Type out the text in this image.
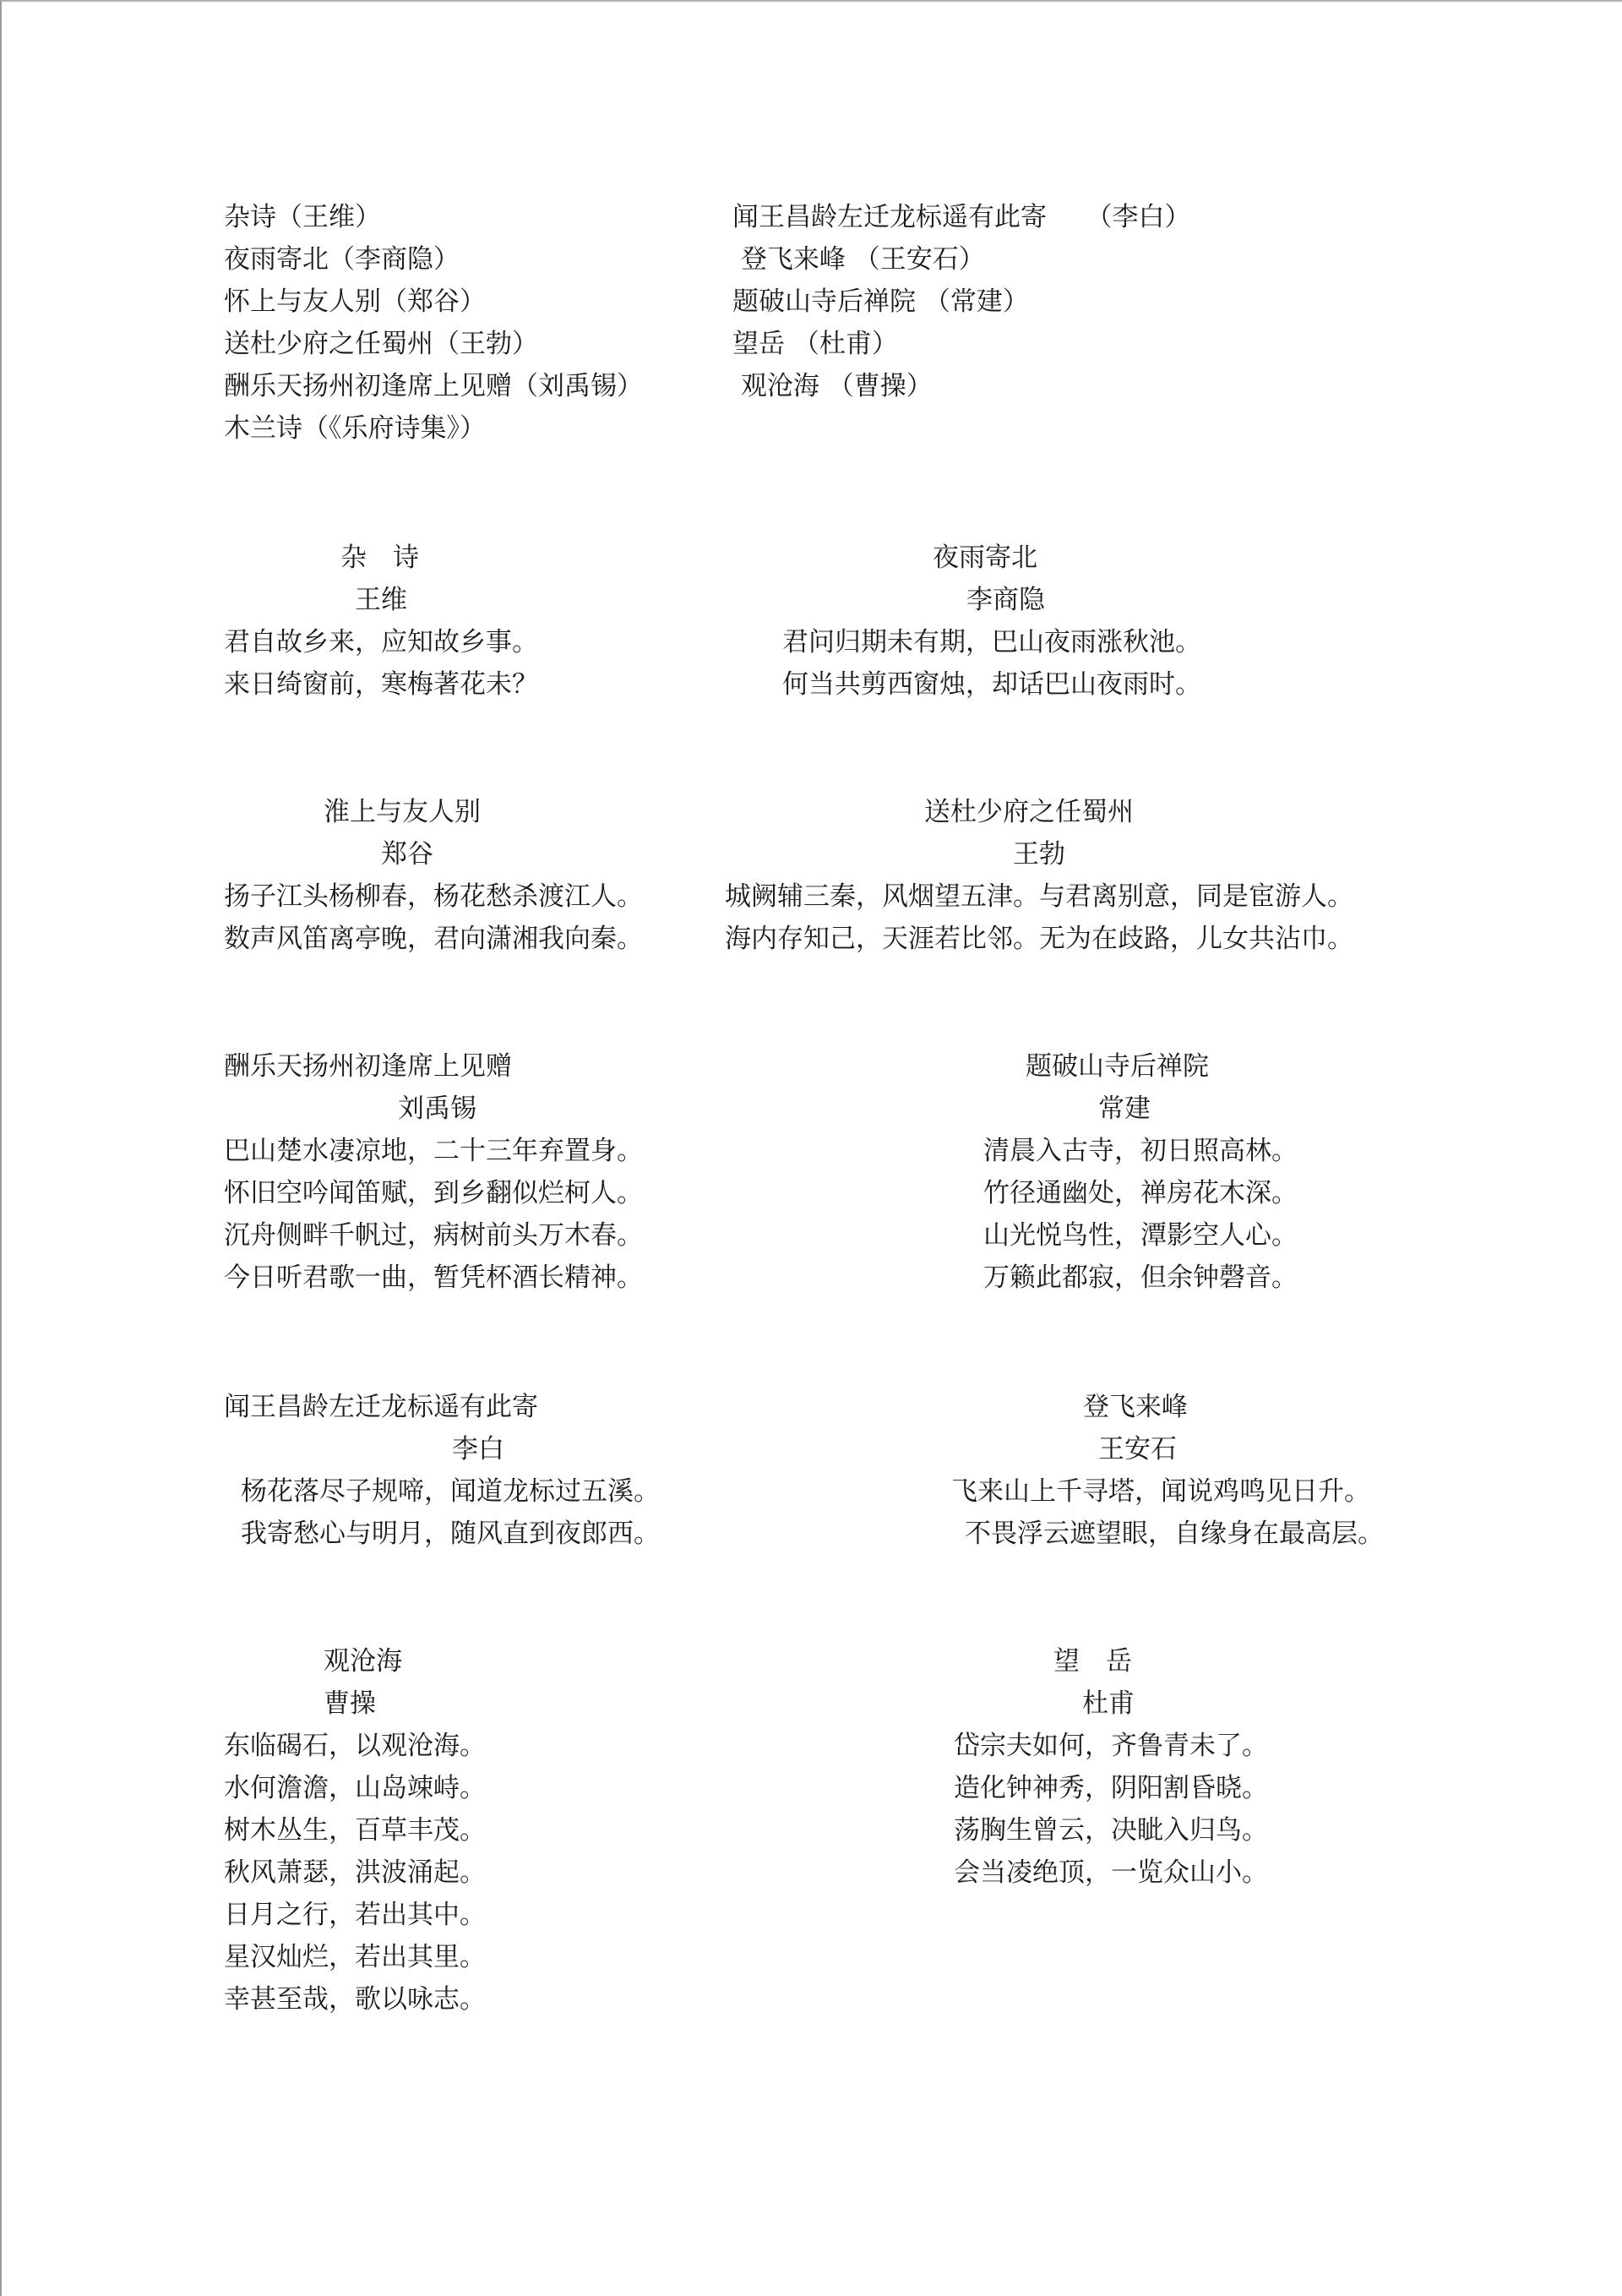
杂诗（王维）
夜雨寄北（李商隐）
怀上与友人别（郑谷）
送杜少府之任蜀州（王勃）
酬乐天扬州初逢席上见赠（刘禹锡）
木兰诗（《乐府诗集》）
闻王昌龄左迁龙标遥有此寄　　（李白）
登飞来峰 （王安石）
题破山寺后禅院 （常建）
望岳 （杜甫）
观沧海 （曹操）
杂　诗
王维
君自故乡来，应知故乡事。
来日绮窗前，寒梅著花未？
夜雨寄北
李商隐
君问归期未有期，巴山夜雨涨秋池。
何当共剪西窗烛，却话巴山夜雨时。
淮上与友人别
郑谷
扬子江头杨柳春，杨花愁杀渡江人。
数声风笛离亭晚，君向潇湘我向秦。
送杜少府之任蜀州
王勃
城阙辅三秦，风烟望五津。与君离别意，同是宦游人。
海内存知己，天涯若比邻。无为在歧路，儿女共沾巾。
酬乐天扬州初逢席上见赠
刘禹锡
巴山楚水凄凉地，二十三年弃置身。
怀旧空吟闻笛赋，到乡翻似烂柯人。
沉舟侧畔千帆过，病树前头万木春。
今日听君歌一曲，暂凭杯酒长精神。
题破山寺后禅院
常建
清晨入古寺，初日照高林。
竹径通幽处，禅房花木深。
山光悦鸟性，潭影空人心。
万籁此都寂，但余钟磬音。
闻王昌龄左迁龙标遥有此寄
李白
杨花落尽子规啼，闻道龙标过五溪。
我寄愁心与明月，随风直到夜郎西。
登飞来峰
王安石
飞来山上千寻塔，闻说鸡鸣见日升。
不畏浮云遮望眼，自缘身在最高层。
观沧海
曹操
东临碣石，以观沧海。
水何澹澹，山岛竦峙。
树木丛生，百草丰茂。
秋风萧瑟，洪波涌起。
日月之行，若出其中。
星汉灿烂，若出其里。
幸甚至哉，歌以咏志。
望　岳
杜甫
岱宗夫如何，齐鲁青未了。
造化钟神秀，阴阳割昏晓。
荡胸生曾云，决眦入归鸟。
会当凌绝顶，一览众山小。
